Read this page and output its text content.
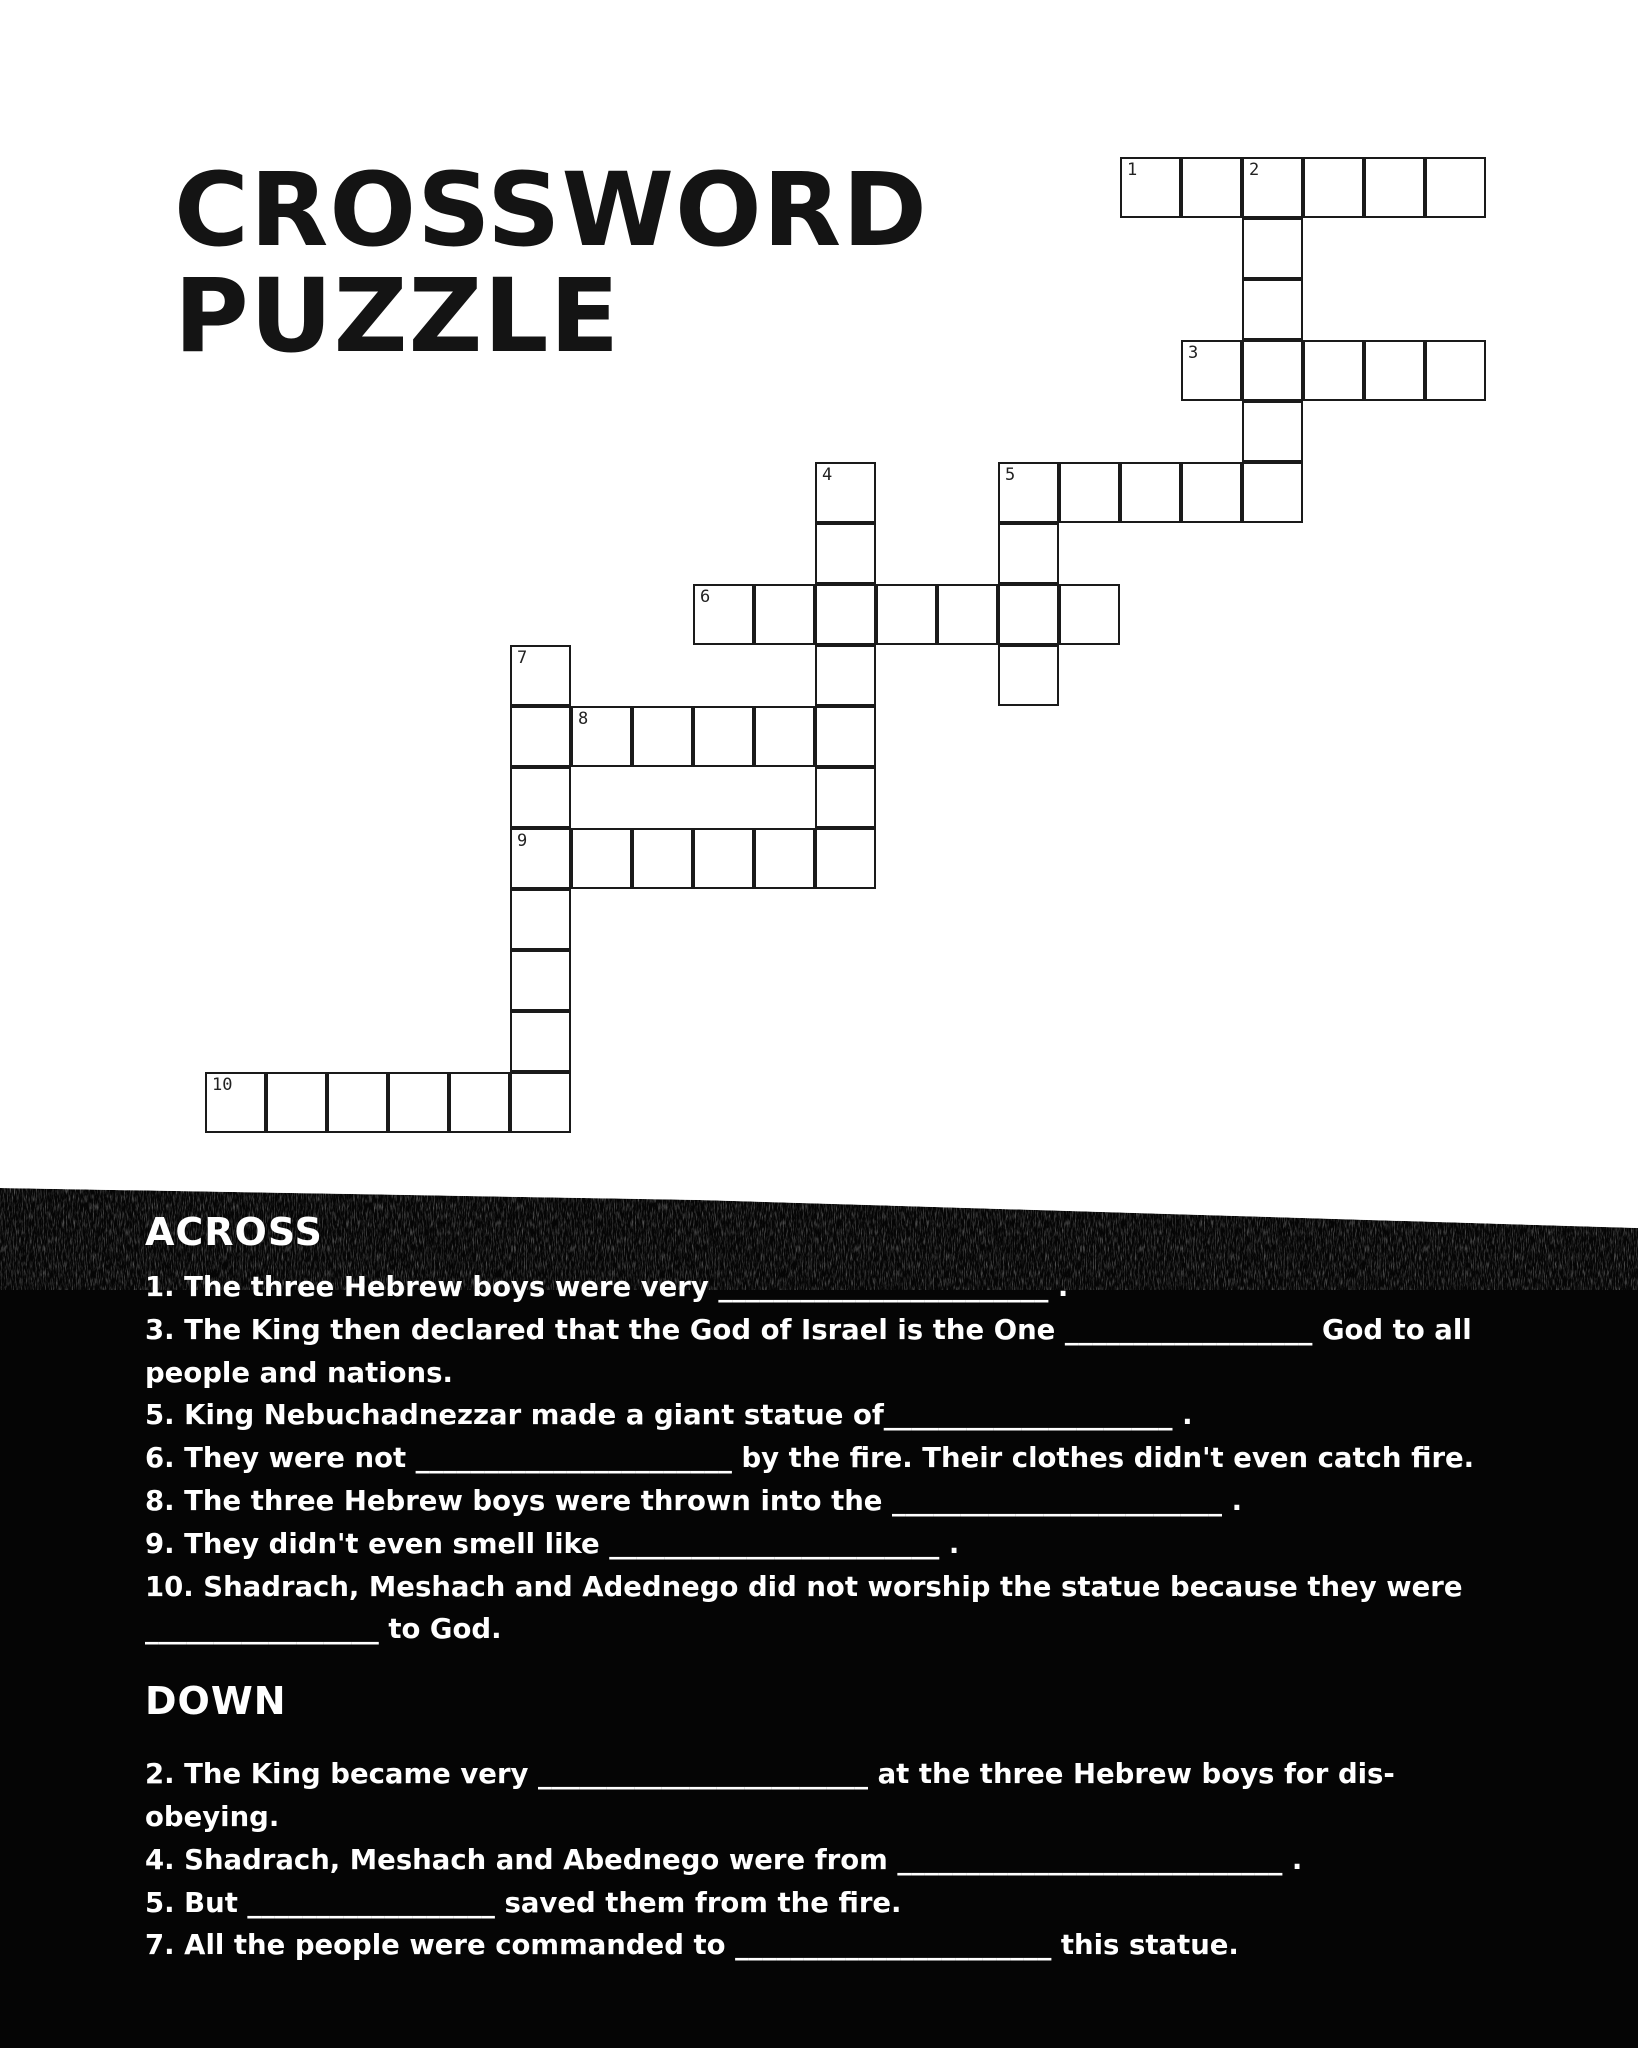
CROSSWORD
PUZZLE
1	2
3
4	5
6
7
9
8
10
ACROSS

1. The three Hebrew boys were very ________________________ .

3. The King then declared that the God of Israel is the One __________________ God to all people and nations.

5. King Nebuchadnezzar made a giant statue of_____________________ .

6. They were not _______________________ by the fire. Their clothes didn't even catch fire.

8. The three Hebrew boys were thrown into the ________________________ .

9. They didn't even smell like ________________________ .

10. Shadrach, Meshach and Adednego did not worship the statue because they were _________________ to God.

DOWN

2. The King became very ________________________ at the three Hebrew boys for dis-obeying.

4. Shadrach, Meshach and Abednego were from ____________________________ .

5. But __________________ saved them from the fire.

7. All the people were commanded to _______________________ this statue.
